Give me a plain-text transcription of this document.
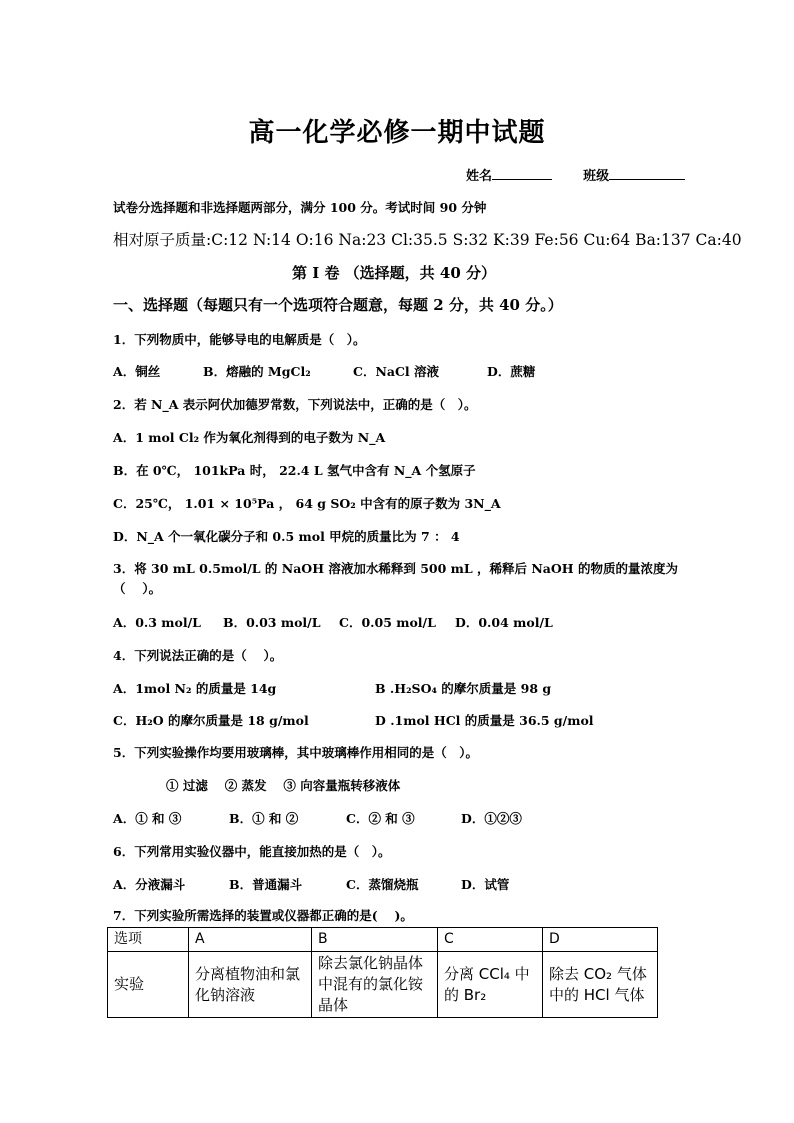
高一化学必修一期中试题
姓名	班级
试卷分选择题和非选择题两部分，满分 100 分。考试时间 90 分钟
相对原子质量:C:12 N:14 O:16 Na:23 Cl:35.5 S:32 K:39 Fe:56 Cu:64 Ba:137 Ca:40
第 I 卷 （选择题，共 40 分）
一、选择题（每题只有一个选项符合题意，每题 2 分，共 40 分。）
1．下列物质中，能够导电的电解质是（　）。
A．铜丝	B．熔融的 MgCl₂	C．NaCl 溶液	D．蔗糖
2．若 N_A 表示阿伏加德罗常数，下列说法中，正确的是（　）。
A．1 mol Cl₂ 作为氧化剂得到的电子数为 N_A
B．在 0℃， 101kPa 时， 22.4 L 氢气中含有 N_A 个氢原子
C．25℃， 1.01 × 10⁵Pa ， 64 g SO₂ 中含有的原子数为 3N_A
D．N_A 个一氧化碳分子和 0.5 mol 甲烷的质量比为 7 ： 4
3．将 30 mL 0.5mol/L 的 NaOH 溶液加水稀释到 500 mL ，稀释后 NaOH 的物质的量浓度为
（　 ）。
A．0.3 mol/L B．0.03 mol/L C．0.05 mol/L D．0.04 mol/L
4．下列说法正确的是（　 ）。
A．1mol N₂ 的质量是 14g	B .H₂SO₄ 的摩尔质量是 98 g
C．H₂O 的摩尔质量是 18 g/mol	D .1mol HCl 的质量是 36.5 g/mol
5．下列实验操作均要用玻璃棒，其中玻璃棒作用相同的是（　）。
① 过滤　 ② 蒸发　 ③ 向容量瓶转移液体
A．① 和 ③	B．① 和 ②	C．② 和 ③	D．①②③
6．下列常用实验仪器中，能直接加热的是（　）。
A．分液漏斗	B．普通漏斗	C．蒸馏烧瓶	D．试管
7．下列实验所需选择的装置或仪器都正确的是(　 )。
选项	A	B	C	D
实验	分离植物油和氯化钠溶液	除去氯化钠晶体中混有的氯化铵晶体	分离 CCl₄ 中的 Br₂	除去 CO₂ 气体中的 HCl 气体
